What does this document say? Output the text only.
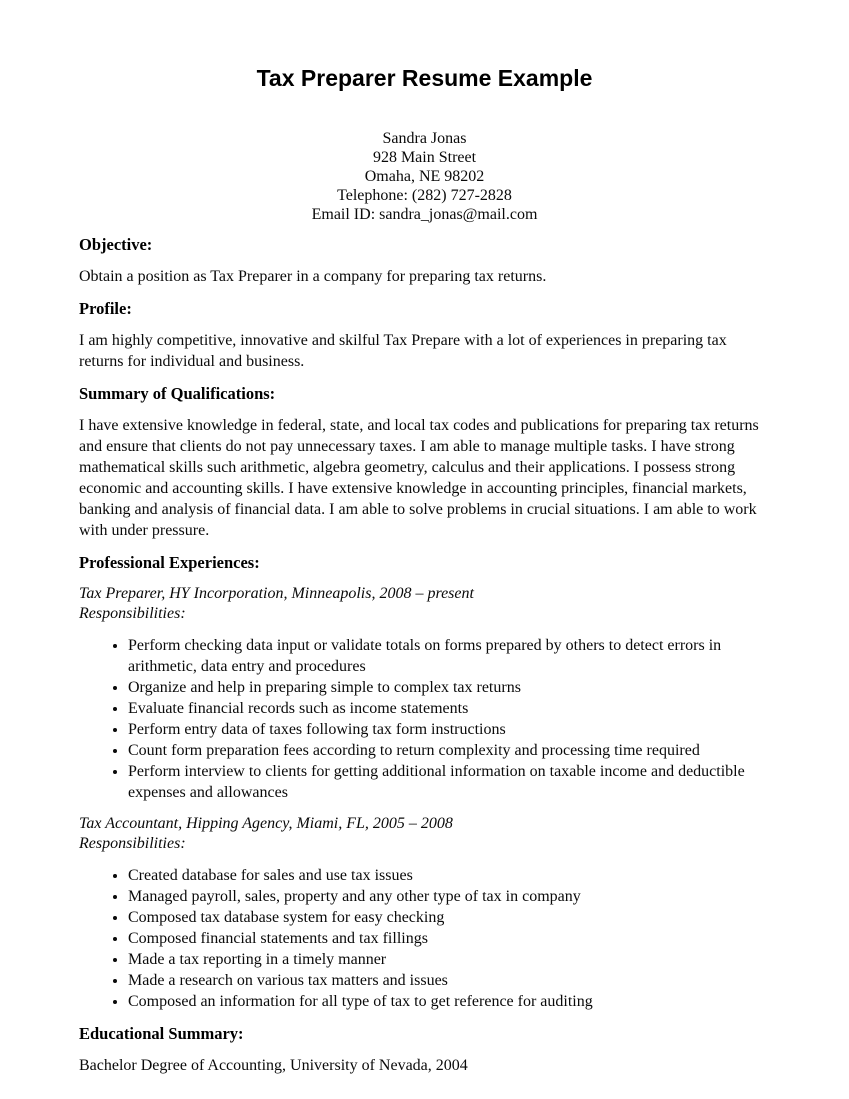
Tax Preparer Resume Example
Sandra Jonas
928 Main Street
Omaha, NE 98202
Telephone: (282) 727-2828
Email ID: sandra_jonas@mail.com
Objective:

Obtain a position as Tax Preparer in a company for preparing tax returns.

Profile:

I am highly competitive, innovative and skilful Tax Prepare with a lot of experiences in preparing tax returns for individual and business.

Summary of Qualifications:

I have extensive knowledge in federal, state, and local tax codes and publications for preparing tax returns and ensure that clients do not pay unnecessary taxes. I am able to manage multiple tasks. I have strong mathematical skills such arithmetic, algebra geometry, calculus and their applications. I possess strong economic and accounting skills. I have extensive knowledge in accounting principles, financial markets, banking and analysis of financial data. I am able to solve problems in crucial situations. I am able to work with under pressure.

Professional Experiences:
Tax Preparer, HY Incorporation, Minneapolis, 2008 – present
Responsibilities:
• Perform checking data input or validate totals on forms prepared by others to detect errors in arithmetic, data entry and procedures
• Organize and help in preparing simple to complex tax returns
• Evaluate financial records such as income statements
• Perform entry data of taxes following tax form instructions
• Count form preparation fees according to return complexity and processing time required
• Perform interview to clients for getting additional information on taxable income and deductible expenses and allowances
Tax Accountant, Hipping Agency, Miami, FL, 2005 – 2008
Responsibilities:
• Created database for sales and use tax issues
• Managed payroll, sales, property and any other type of tax in company
• Composed tax database system for easy checking
• Composed financial statements and tax fillings
• Made a tax reporting in a timely manner
• Made a research on various tax matters and issues
• Composed an information for all type of tax to get reference for auditing
Educational Summary:

Bachelor Degree of Accounting, University of Nevada, 2004
